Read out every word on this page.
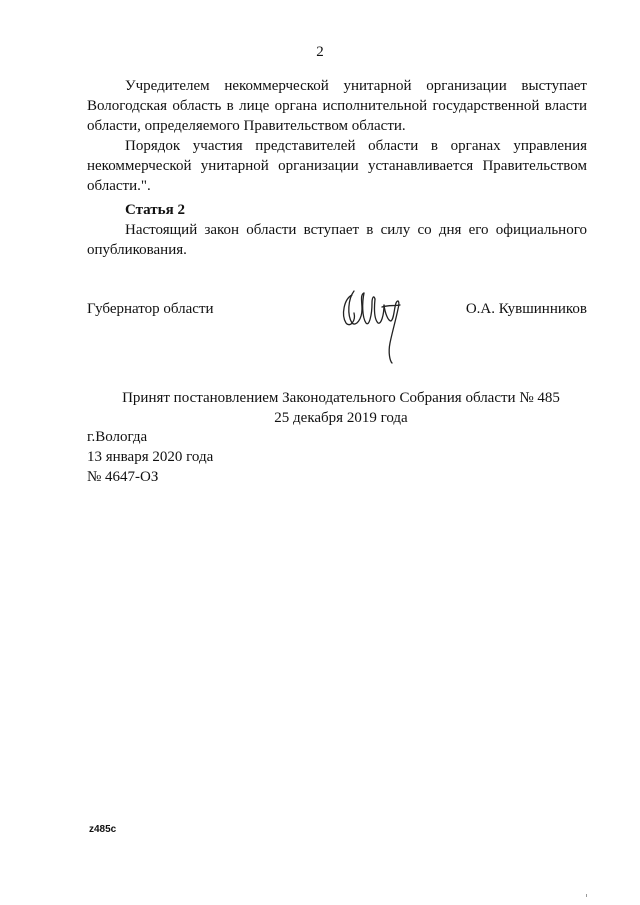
2

Учредителем некоммерческой унитарной организации выступает Вологодская область в лице органа исполнительной государственной власти области, определяемого Правительством области.

Порядок участия представителей области в органах управления некоммерческой унитарной организации устанавливается Правительством области.".

Статья 2

Настоящий закон области вступает в силу со дня его официального опубликования.

Губернатор области	О.А. Кувшинников
Принят постановлением Законодательного Собрания области № 485
25 декабря 2019 года
г.Вологда
13 января 2020 года
№ 4647-ОЗ
z485c
